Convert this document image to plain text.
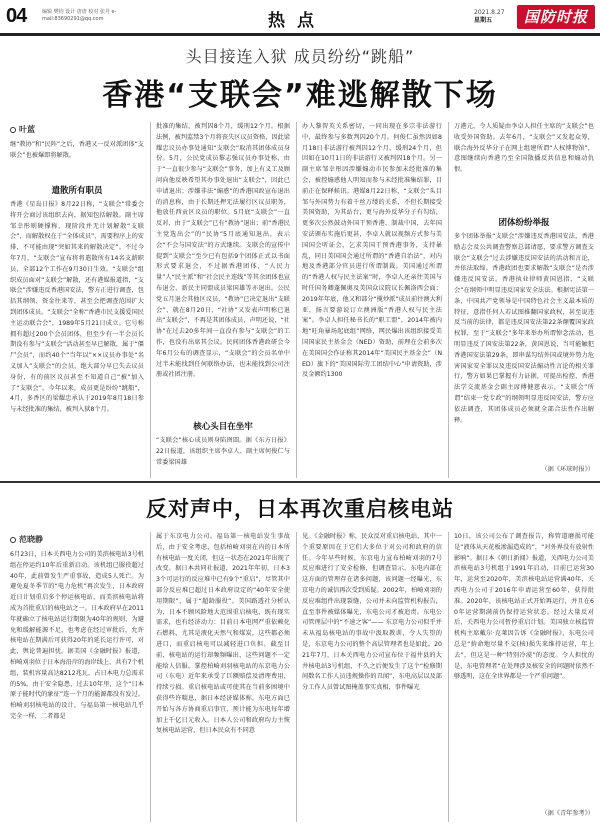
04	编辑 樊钧 设计 唐唐 校对 张丹 e-mail:83690291@qq.com	热点	2021.8.27
星期五	国防时报
头目接连入狱 成员纷纷“跳船”
香港“支联会”难逃解散下场
叶蓝
继“教协”和“民阵”之后，香港又一反对派团体“支联会”也被爆即将解散。
遣散所有职员
香港《星岛日报》8月22日称，“支联会”常委会将开会商讨该组织去向，据知包括解散。副主席邹幸彤则硬撑称，现阶段并无计划解散“支联会”，而解散权在于“全体成员”，需要程序上的安排，不可能由现“突如其来的解散决定”。不过今年7月，“支联会”宣布将将遣散所有14名支薪职员，全部12个工作在9月30日生效。“支联会”组织成员面对“支联会”解散，还有港媒报道指，“支联会”涉嫌违反香港国安法，警方正进行调查，包括其纲领、资金往来等，甚至会把调查范围扩大到团体成员。“支联会”全称“香港市民支援爱国民主运动联合会”，1989年5月21日成立。它号称拥有超过200个会员团体，但至少有一半会员长期没有参与“支联会”活动甚至早已解散，属于“僵尸会员”，而约40个“当年以”××议员办事处“名义加入”支联会“的会员，绝大部分早已失去议员身份，有的前区议员甚至不知道自己“被”加入了“支联会”。今年以来，成员更是纷纷“跳船”，4月，多香区的梁耀忠承认于2019年8月18日参与未经批准的集结，被判入狱8个月。
批准的集结，被判囚8个月，缓刑12个月。根据法例，被判监禁3个月将丧失区议员资格，因此梁耀忠议员办事处通知“支联会”取消其团体成员身份。5月，公民党成员黎志强议员办事处称，由于“一直很少参与“支联会”事务，加上有义工及顾问向他反映希望其办事处退出“支联会”，因此已申请退出；涉嫌非法“煽惑”的香港国政宣布退出的消息称，由于长期还押无法履行区议员职务，他放任西贡区议员的职位。5月底“支联会”一直反对，由于“支联会”已有“教协”退出；前“香港民主党选出会”的“民协”5月底通知退出，表示会“不会与国安法”的方式继续。支联会的宣传中提到“支联会”至少已有包括9个团体正式以书面形式要求退会，不过据香港团体，“人民力量”人“民主派”和“社会民主连线”等其余团体也宣布退会，新民主同盟成员梁国雄等亦退出。公民党五月退会其他区议员，“教协”已决定退出“支联会”，就在8月20日，“社协”又发表声明称已退出“支联会”，不再是其团体成员，声明还说，“社协”在过去20多年间一直没有参与“支联会”的工作，也没有出席其会议。民间团体香港政研会今年6月公布的调查显示，“支联会”的会员名单中过半未能找到任何联络办法，也未能找到公司注册或社团注册。
核心头目在坐牢
“支联会”核心成员则身陷囹圄。据《东方日报》22日报道，该组织主席李卓人、副主席何俊仁与常委梁国雄
办人黎智英关系密切，一同出现在多宗非法游行中，最终参与多数判囚20个月。何俊仁虽然因如8月18日非法游行被判囚12个月，缓刑24个月，但因如在10月1日的非法游行又被判囚18个月。另一副主席邹幸彤因涉嫌煽动市民参加未经批准的集会，被控煽惑他人明知而参与未经批准集结罪，目前正在保释候讯。港媒8月22日称，“支联会”头目邹与外国势力有着千丝万缕的关系，不但长期接受美国资助，为其站台，更与海外反华分子有勾结，更多次公然鼓动外国干预香港、制裁中国，去年国安法颁布实施后更甚，李卓人就以视频方式参与美国国会听证会，乞求美国干预香港事务，支持暴乱，同日美国国会通过所谓的“香港自治法”，对内地及香港部分官员进行所谓制裁。美国通过所谓的“香港人权与民主法案”时，李卓人还亲往美国与时任国务卿蓬佩奥及美国众议院议长佩洛西会面；2019年年底，他又和部分“揽炒派”成员前往澳大利亚，扬言要游说订立澳洲版“香港人权与民主法案”。李卓人担任秘书长的“职工盟”，2014年被内地“旺角暴场起底组”网络，网民爆出该组织接受美国国家民主基金会（NED）资助，前理在会前多次在美国国会作证称其2014年“美国民主基金会”（NED）旗下的“美国国际劳工团结中心”申请资助，涉及金额约1300
万港元，令人质疑由李卓人担任主席的“支联会”也收受外国资助。去年6月，“支联会”又发起众筹，联合海外反华分子在网上组建所谓“人权博物馆”，意图继续向香港乃至全国散播反共信息和煽动仇恨。
团体纷纷举报
多个团体举报“支联会”涉嫌违反香港国安法，香港励志会及公共调查警察总部请愿，要求警方调查支联会“支联会”过去涉嫌违反国安法的活动和言论，并依法取缔。香港政团也要求解散“支联会”是否涉嫌违反国安法。香港执业律师黄国恩指，“支联会”在纲领中明显违反国家安全法法。根据宪法第一条，中国共产党领导是中国特色社会主义最本质的特征，意指任何人若试图推翻国家政权，甚至说违反当前的法律，都是违反国安法第22条颠覆国家政权罪，至于“支联会”多年来举办所谓悼念活动，也明显违反了国安法第22条，黄国恩说，当可能触犯香港国安法第29条，即串谋勾结外国或境外势力危害国家安全罪以及违反国安法煽动性言论的相关罪行，警方如果已掌握有力证据，可提出检控，香港法学交流基金会副主席傅健慈表示，“支联会”所谓“结束一党专政”的纲领明显违反国安法，警方应依法调查，其团体成员必须就全部合法性作出解释。
（据《环球时报》）
反对声中，日本再次重启核电站
范晓静
6月23日，日本关西电力公司的美滨核电站3号机组在停运约10年后重新启动。该机组已服役超过40年，此前曾发生严重事故，造成5人死亡。为避免夏冬季节的“电力危机”再次发生，日本政府近日计划重启多个停运核电站，而美滨核电站将成为首批重启的核电站之一。日本政府早在2011年就确立了核电站运行期限为40年的规则，为避免和缓解能源不足，也考虑在经过审批后，允许核电站在期满后可获得20年的延长运行许可，对此，舆论普遍担忧。据美国《金融时报》报道，柏崎刈羽位于日本海沿岸的海岸线上，共有7个机组，装机容量高达8212兆瓦，占日本电力总需求的5%。由于安全隐患，过去10年里，这个“日本原子能时代的象征”连一个月的能源都没有发过。柏崎刈羽核电站的设计，与福岛第一核电站几乎完全一样，二者都是
属于东京电力公司。福岛第一核电站发生事故后，由于安全考虑，包括柏崎刈羽在内的日本所有核电站一度关闭，但这一状态在2021年出现了改变。据日本共同社报道，2021年年初，日本33个可运行的反应堆中已有9个“重启”，尽管其中部分反应堆已超过日本政府设定的“40年安全使用期限”，属于“超龄服役”。美国路透社分析认为，日本不顾风险地大范围重启核电，既有现实需求，也有经济动力：目前日本电网严重依赖化石燃料，尤其是液化天然气和煤炭，这些都必须进口，而重启核电可以减轻进口负担。截至目前，核电站的运行却频频曝出，这些问题不一定能给人信服。掌控柏崎刈羽核电站的东京电力公司（东电）近年来承受了巨额赔偿及清理费用，持续亏损。重启核电站或可使其在当前多困境中获得些许喘息，据日本经济媒体称，东电方面已开始与各方协商重启事宜，预计能为东电每年增加上千亿日元收入。日本人公司和政府均力主恢复核电站运营，但日本民众有不同意
见。《金融时报》称，民众反对重启核电站，其中一个重要原因在于它们大多位于对公司和政府的信任。今年早些时候，东京电力宣布柏崎刈羽的7号反应堆进行了安全检修，但调查显示，东电内部在这方面的管理存在诸多问题，该问题一经曝光，东京电力的诚信再次受到质疑。2002年，柏崎刈羽的反应堆组件出现裂缝，公司并未向监管机构报告，直至事件被媒体曝光，东电公司才被追责。东电公司管理层中的“不速之客”—— 东京电力公司似乎并未从福岛核电站的事故中汲取教训，令人失望的是，东京电力公司的整个高层管理者也是如此。2021年7月，日本关西电力公司宣布位于福井县的大井核电站3号机组，不久之后便发生了这个“检修期间数名工作人员违规操作的丑闻”，东电高层以及部分工作人员曾试图掩盖事实真相，事件曝光
10日，该公司公布了调查报告，称管道磨损可能是“液体从天花板渗漏造成的”，“对外界没有放射性影响”。据日本《朝日新闻》报道，关西电力公司美滨核电站3号机组于1991年启动，目前已运营30年，运营至2020年，美滨核电站运营满40年，关西电力公司于2016年申请运营至60年，获得批准。2020年，该核电站正式开始再运行，并且在60年运营期满前仍保持运营状态。经过大量反对后，关西电力公司暂停重启计划。美国独立核监管机构主席戴尔·克莱因告诉《金融时报》，东电公司总是“拚命地尽量不交(核)损失来维持运营，年上去”，但这是一种“特别冷漠”的态度。令人担忧的是，东电管理者“在处理涉及核安全的问题时依然不够透明，这在全世界都是一个严重问题”。
（据《青年参考》）
